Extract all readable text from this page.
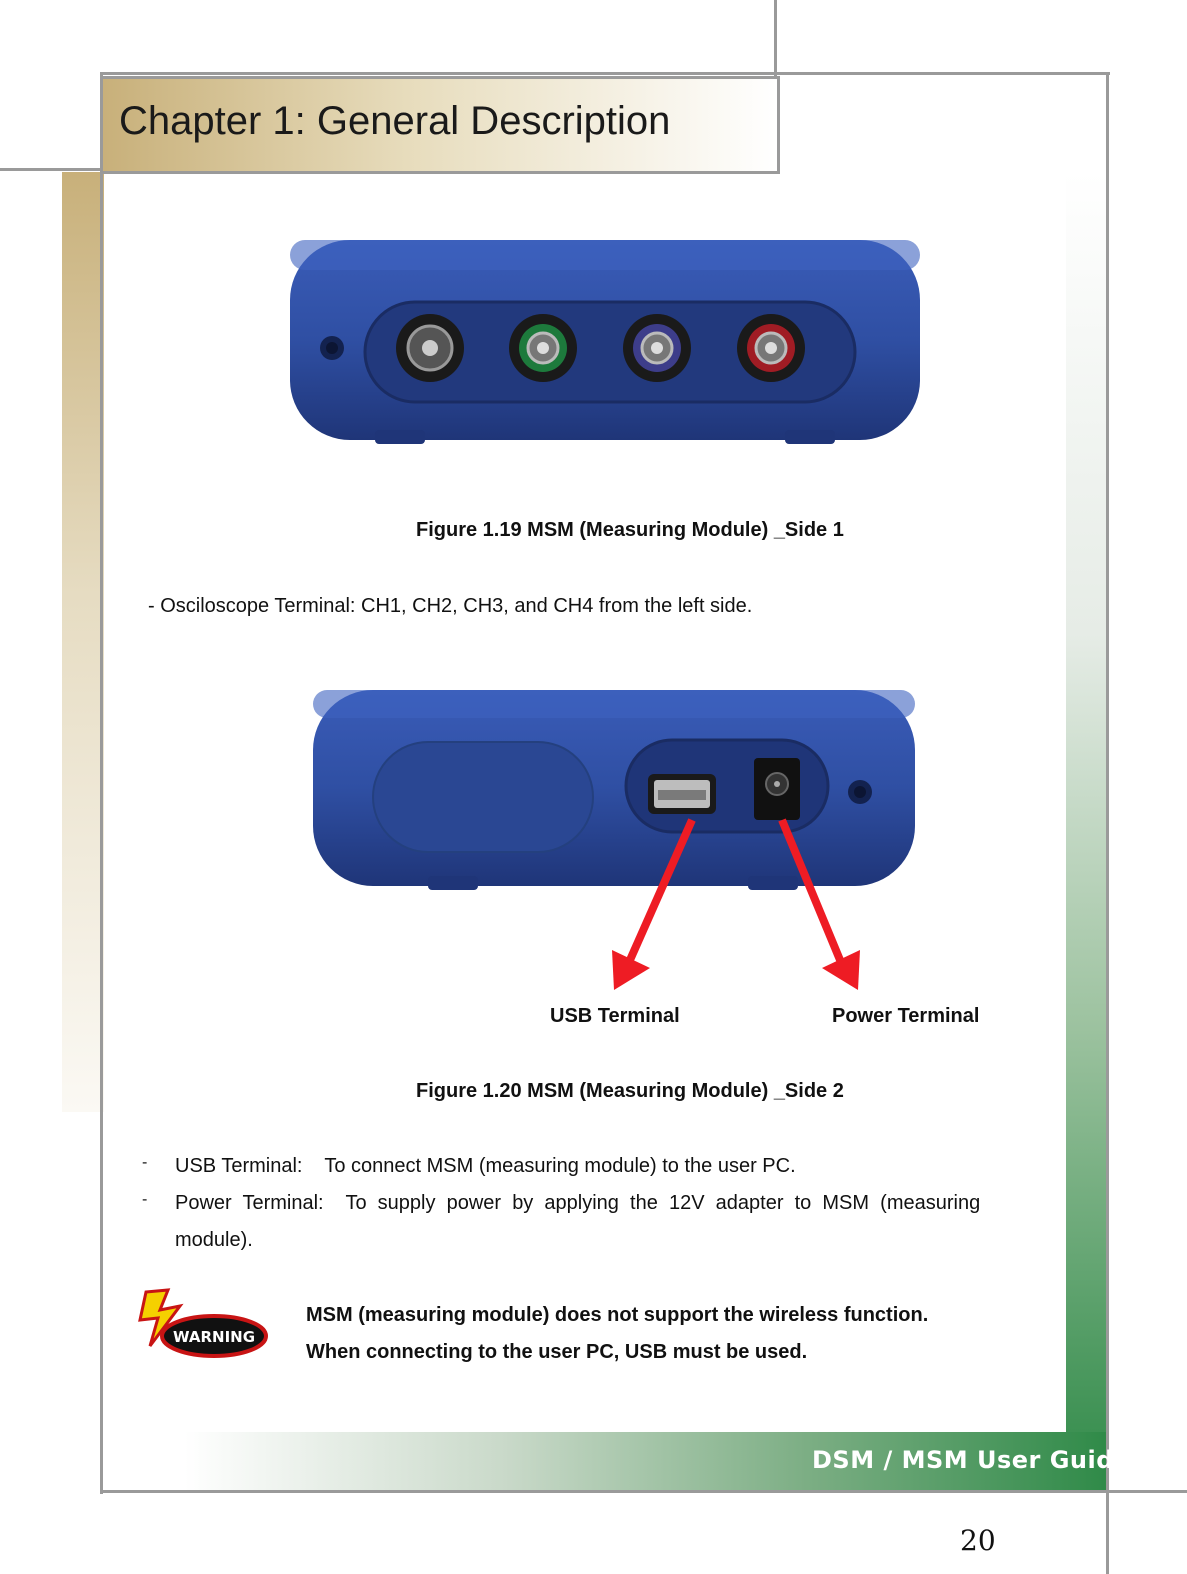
Chapter 1: General Description
Figure 1.19 MSM (Measuring Module) _Side 1
- Osciloscope Terminal: CH1, CH2, CH3, and CH4 from the left side.
USB Terminal	Power Terminal
Figure 1.20 MSM (Measuring Module) _Side 2
- USB Terminal:    To connect MSM (measuring module) to the user PC.
- Power  Terminal:    To  supply  power  by  applying  the  12V  adapter  to  MSM  (measuring
module).
WARNING
MSM (measuring module) does not support the wireless function.
When connecting to the user PC, USB must be used.
DSM / MSM User Guide
20
